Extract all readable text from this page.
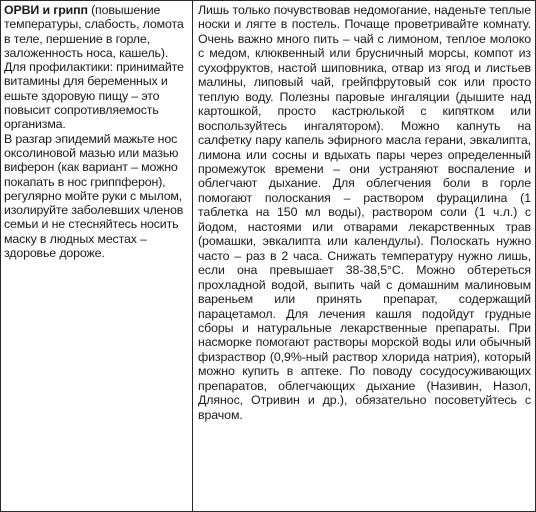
ОРВИ и грипп (повышение температуры, слабость, ломота в теле, першение в горле, заложенность носа, кашель).

Для профилактики: принимайте витамины для беременных и ешьте здоровую пищу – это повысит сопротивляемость организма.

В разгар эпидемий мажьте нос оксолиновой мазью или мазью виферон (как вариант – можно покапать в нос гриппферон), регулярно мойте руки с мылом, изолируйте заболевших членов семьи и не стесняйтесь носить маску в людных местах – здоровье дороже.

Лишь только почувствовав недомогание, наденьте теплые носки и лягте в постель. Почаще проветривайте комнату. Очень важно много пить – чай с лимоном, теплое молоко с медом, клюквенный или брусничный морсы, компот из сухофруктов, настой шиповника, отвар из ягод и листьев малины, липовый чай, грейпфрутовый сок или просто теплую воду. Полезны паровые ингаляции (дышите над картошкой, просто кастрюлькой с кипятком или воспользуйтесь ингалятором). Можно капнуть на салфетку пару капель эфирного масла герани, эвкалипта, лимона или сосны и вдыхать пары через определенный промежуток времени – они устраняют воспаление и облегчают дыхание. Для облегчения боли в горле помогают полоскания – раствором фурацилина (1 таблетка на 150 мл воды), раствором соли (1 ч.л.) с йодом, настоями или отварами лекарственных трав (ромашки, эвкалипта или календулы). Полоскать нужно часто – раз в 2 часа. Снижать температуру нужно лишь, если она превышает 38-38,5°С. Можно обтереться прохладной водой, выпить чай с домашним малиновым вареньем или принять препарат, содержащий парацетамол. Для лечения кашля подойдут грудные сборы и натуральные лекарственные препараты. При насморке помогают растворы морской воды или обычный физраствор (0,9%-ный раствор хлорида натрия), который можно купить в аптеке. По поводу сосудосуживающих препаратов, облегчающих дыхание (Називин, Назол, Длянос, Отривин и др.), обязательно посоветуйтесь с врачом.
